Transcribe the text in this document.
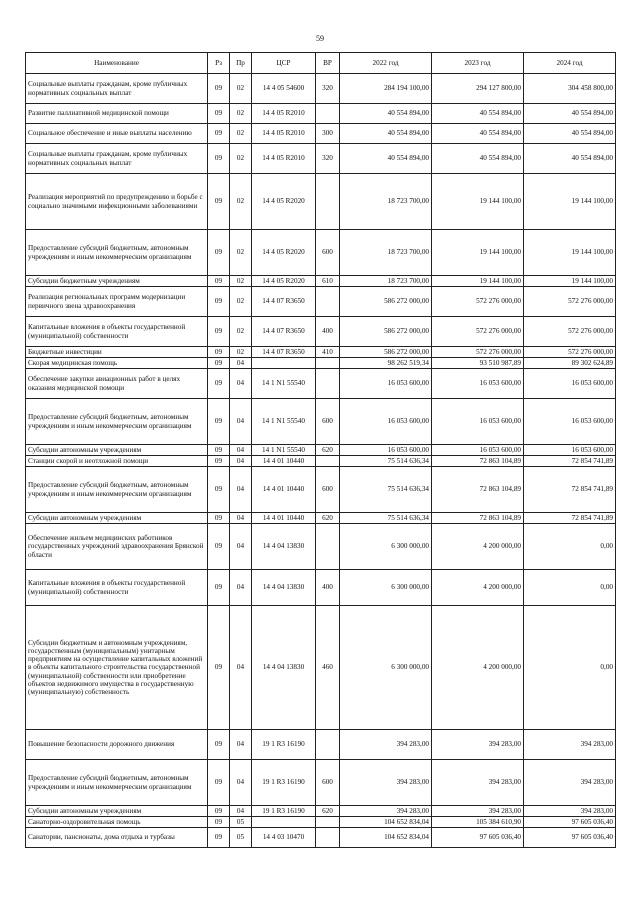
59
Наименование	Рз	Пр	ЦСР	ВР	2022 год	2023 год	2024 год
Социальные выплаты гражданам, кроме публичных нормативных социальных выплат	09	02	14 4 05 54600	320	284 194 100,00	294 127 800,00	304 458 800,00
Развитие паллиативной медицинской помощи	09	02	14 4 05 R2010		40 554 894,00	40 554 894,00	40 554 894,00
Социальное обеспечение и иные выплаты населению	09	02	14 4 05 R2010	300	40 554 894,00	40 554 894,00	40 554 894,00
Социальные выплаты гражданам, кроме публичных нормативных социальных выплат	09	02	14 4 05 R2010	320	40 554 894,00	40 554 894,00	40 554 894,00
Реализация мероприятий по предупреждению и борьбе с социально значимыми инфекционными заболеваниями	09	02	14 4 05 R2020		18 723 700,00	19 144 100,00	19 144 100,00
Предоставление субсидий бюджетным, автономным учреждениям и иным некоммерческим организациям	09	02	14 4 05 R2020	600	18 723 700,00	19 144 100,00	19 144 100,00
Субсидии бюджетным учреждениям	09	02	14 4 05 R2020	610	18 723 700,00	19 144 100,00	19 144 100,00
Реализация региональных программ модернизации первичного звена здравоохранения	09	02	14 4 07 R3650		586 272 000,00	572 276 000,00	572 276 000,00
Капитальные вложения в объекты государственной (муниципальной) собственности	09	02	14 4 07 R3650	400	586 272 000,00	572 276 000,00	572 276 000,00
Бюджетные инвестиции	09	02	14 4 07 R3650	410	586 272 000,00	572 276 000,00	572 276 000,00
Скорая медицинская помощь	09	04			98 262 519,34	93 510 987,89	89 302 624,89
Обеспечение закупки авиационных работ в целях оказания медицинской помощи	09	04	14 1 N1 55540		16 053 600,00	16 053 600,00	16 053 600,00
Предоставление субсидий бюджетным, автономным учреждениям и иным некоммерческим организациям	09	04	14 1 N1 55540	600	16 053 600,00	16 053 600,00	16 053 600,00
Субсидии автономным учреждениям	09	04	14 1 N1 55540	620	16 053 600,00	16 053 600,00	16 053 600,00
Станции скорой и неотложной помощи	09	04	14 4 01 10440		75 514 636,34	72 863 104,89	72 854 741,89
Предоставление субсидий бюджетным, автономным учреждениям и иным некоммерческим организациям	09	04	14 4 01 10440	600	75 514 636,34	72 863 104,89	72 854 741,89
Субсидии автономным учреждениям	09	04	14 4 01 10440	620	75 514 636,34	72 863 104,89	72 854 741,89
Обеспечение жильем медицинских работников государственных учреждений здравоохранения Брянской области	09	04	14 4 04 13830		6 300 000,00	4 200 000,00	0,00
Капитальные вложения в объекты государственной (муниципальной) собственности	09	04	14 4 04 13830	400	6 300 000,00	4 200 000,00	0,00
Субсидии бюджетным и автономным учреждениям, государственным (муниципальным) унитарным предприятиям на осуществление капитальных вложений в объекты капитального строительства государственной (муниципальной) собственности или приобретение объектов недвижимого имущества в государственную (муниципальную) собственность	09	04	14 4 04 13830	460	6 300 000,00	4 200 000,00	0,00
Повышение безопасности дорожного движения	09	04	19 1 R3 16190		394 283,00	394 283,00	394 283,00
Предоставление субсидий бюджетным, автономным учреждениям и иным некоммерческим организациям	09	04	19 1 R3 16190	600	394 283,00	394 283,00	394 283,00
Субсидии автономным учреждениям	09	04	19 1 R3 16190	620	394 283,00	394 283,00	394 283,00
Санаторно-оздоровительная помощь	09	05			104 652 834,04	105 384 610,90	97 605 036,40
Санатории, пансионаты, дома отдыха и турбазы	09	05	14 4 03 10470		104 652 834,04	97 605 036,40	97 605 036,40
